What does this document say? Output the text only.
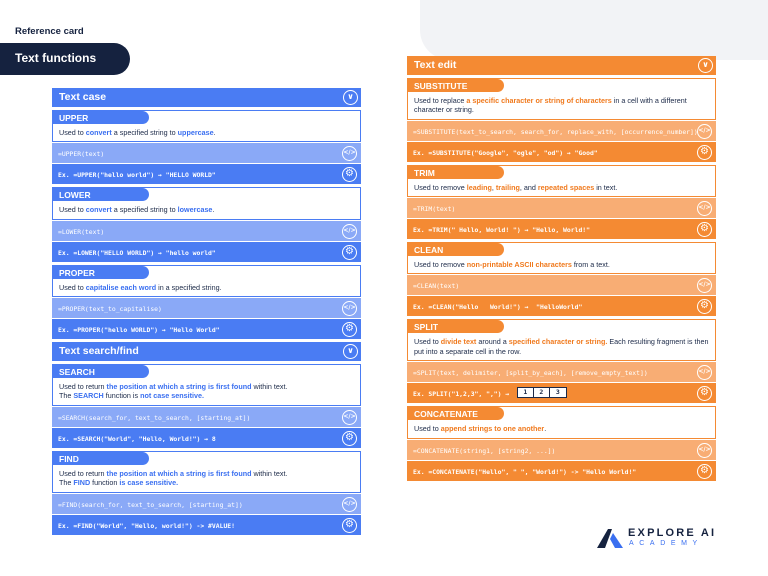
Reference card
Text functions
Text case	∨
UPPER
Used to convert a specified string to uppercase.
=UPPER(text)	</>
Ex. =UPPER("hello world") → "HELLO WORLD"	⚙
LOWER
Used to convert a specified string to lowercase.
=LOWER(text)	</>
Ex. =LOWER("HELLO WORLD") → "hello world"	⚙
PROPER
Used to capitalise each word in a specified string.
=PROPER(text_to_capitalise)	</>
Ex. =PROPER("hello WORLD") → "Hello World"	⚙
Text search/find	∨
SEARCH
Used to return the position at which a string is first found within text.
The SEARCH function is not case sensitive.
=SEARCH(search_for, text_to_search, [starting_at])	</>
Ex. =SEARCH("World", "Hello, World!") → 8	⚙
FIND
Used to return the position at which a string is first found within text.
The FIND function is case sensitive.
=FIND(search_for, text_to_search, [starting_at])	</>
Ex. =FIND("World", "Hello, world!") -> #VALUE!	⚙
Text edit	∨
SUBSTITUTE
Used to replace a specific character or string of characters in a cell with a different character or string.
=SUBSTITUTE(text_to_search, search_for, replace_with, [occurrence_number]) </>
Ex. =SUBSTITUTE("Google", "ogle", "od") → "Good"	⚙
TRIM
Used to remove leading, trailing, and repeated spaces in text.
=TRIM(text)	</>
Ex. =TRIM(" Hello, World! ") → "Hello, World!"	⚙
CLEAN
Used to remove non-printable ASCII characters from a text.
=CLEAN(text)	</>
Ex. =CLEAN("Hello   World!") →  "HelloWorld"	⚙
SPLIT
Used to divide text around a specified character or string. Each resulting fragment is then put into a separate cell in the row.
=SPLIT(text, delimiter, [split_by_each], [remove_empty_text])	</>
Ex. SPLIT("1,2,3", ",") → 1 2 3	⚙
CONCATENATE
Used to append strings to one another.
=CONCATENATE(string1, [string2, ...])	</>
Ex. =CONCATENATE("Hello", " ", "World!") -> "Hello World!"	⚙
EXPLORE AI
ACADEMY
